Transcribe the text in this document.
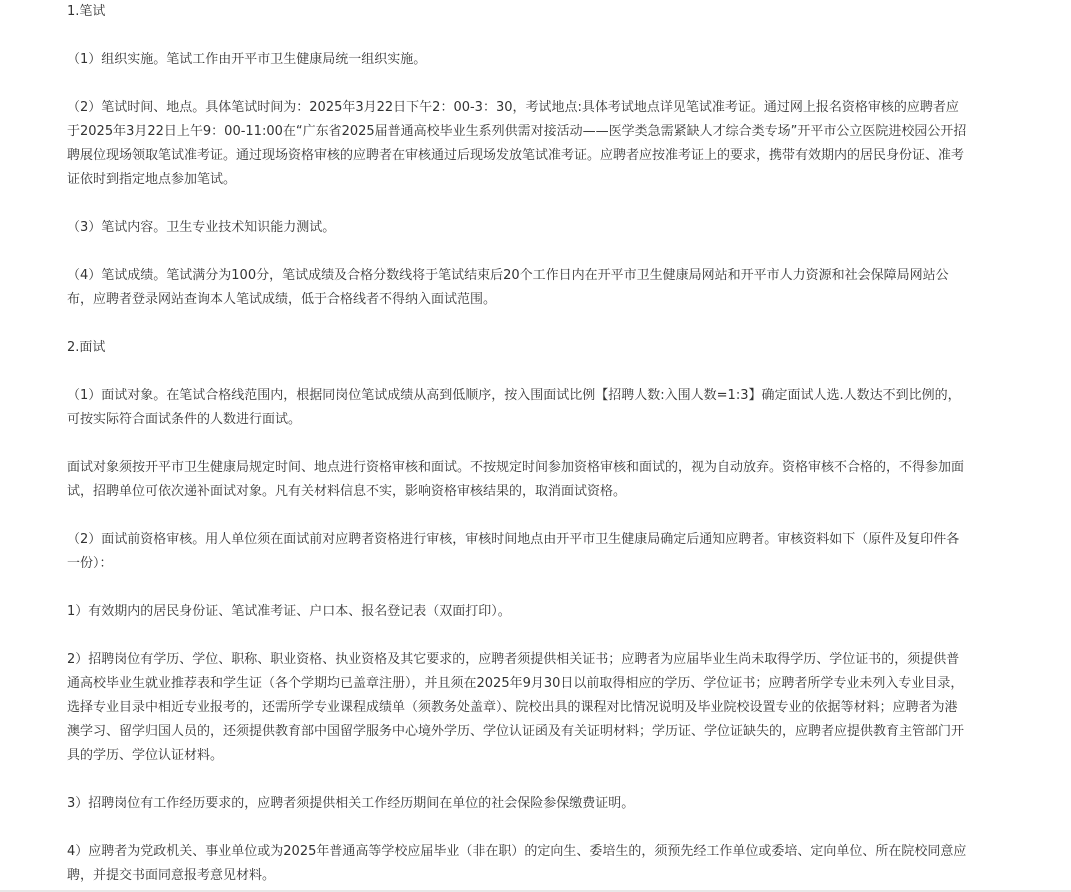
1.笔试

（1）组织实施。笔试工作由开平市卫生健康局统一组织实施。

（2）笔试时间、地点。具体笔试时间为：2025年3月22日下午2：00-3：30，考试地点:具体考试地点详见笔试准考证。通过网上报名资格审核的应聘者应于2025年3月22日上午9：00-11:00在“广东省2025届普通高校毕业生系列供需对接活动——医学类急需紧缺人才综合类专场”开平市公立医院进校园公开招聘展位现场领取笔试准考证。通过现场资格审核的应聘者在审核通过后现场发放笔试准考证。应聘者应按准考证上的要求，携带有效期内的居民身份证、准考证依时到指定地点参加笔试。

（3）笔试内容。卫生专业技术知识能力测试。

（4）笔试成绩。笔试满分为100分，笔试成绩及合格分数线将于笔试结束后20个工作日内在开平市卫生健康局网站和开平市人力资源和社会保障局网站公布，应聘者登录网站查询本人笔试成绩，低于合格线者不得纳入面试范围。

2.面试

（1）面试对象。在笔试合格线范围内，根据同岗位笔试成绩从高到低顺序，按入围面试比例【招聘人数:入围人数=1:3】确定面试人选.人数达不到比例的，可按实际符合面试条件的人数进行面试。

面试对象须按开平市卫生健康局规定时间、地点进行资格审核和面试。不按规定时间参加资格审核和面试的，视为自动放弃。资格审核不合格的，不得参加面试，招聘单位可依次递补面试对象。凡有关材料信息不实，影响资格审核结果的，取消面试资格。

（2）面试前资格审核。用人单位须在面试前对应聘者资格进行审核，审核时间地点由开平市卫生健康局确定后通知应聘者。审核资料如下（原件及复印件各一份）：

1）有效期内的居民身份证、笔试准考证、户口本、报名登记表（双面打印）。

2）招聘岗位有学历、学位、职称、职业资格、执业资格及其它要求的，应聘者须提供相关证书；应聘者为应届毕业生尚未取得学历、学位证书的，须提供普通高校毕业生就业推荐表和学生证（各个学期均已盖章注册），并且须在2025年9月30日以前取得相应的学历、学位证书；应聘者所学专业未列入专业目录，选择专业目录中相近专业报考的，还需所学专业课程成绩单（须教务处盖章）、院校出具的课程对比情况说明及毕业院校设置专业的依据等材料；应聘者为港澳学习、留学归国人员的，还须提供教育部中国留学服务中心境外学历、学位认证函及有关证明材料；学历证、学位证缺失的，应聘者应提供教育主管部门开具的学历、学位认证材料。

3）招聘岗位有工作经历要求的，应聘者须提供相关工作经历期间在单位的社会保险参保缴费证明。

4）应聘者为党政机关、事业单位或为2025年普通高等学校应届毕业（非在职）的定向生、委培生的，须预先经工作单位或委培、定向单位、所在院校同意应聘，并提交书面同意报考意见材料。
